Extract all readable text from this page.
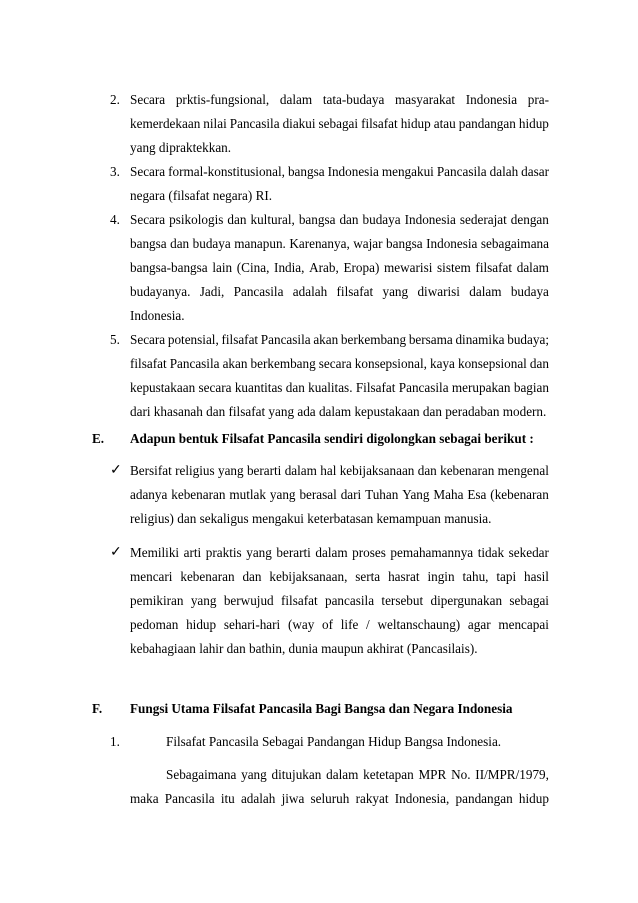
2. Secara prktis-fungsional, dalam tata-budaya masyarakat Indonesia pra-
kemerdekaan nilai Pancasila diakui sebagai filsafat hidup atau pandangan hidup
yang dipraktekkan.
3. Secara formal-konstitusional, bangsa Indonesia mengakui Pancasila dalah dasar
negara (filsafat negara) RI.
4. Secara psikologis dan kultural, bangsa dan budaya Indonesia sederajat dengan
bangsa dan budaya manapun. Karenanya, wajar bangsa Indonesia sebagaimana
bangsa-bangsa lain (Cina, India, Arab, Eropa) mewarisi sistem filsafat dalam
budayanya. Jadi, Pancasila adalah filsafat yang diwarisi dalam budaya
Indonesia.
5. Secara potensial, filsafat Pancasila akan berkembang bersama dinamika budaya;
filsafat Pancasila akan berkembang secara konsepsional, kaya konsepsional dan
kepustakaan secara kuantitas dan kualitas. Filsafat Pancasila merupakan bagian
dari khasanah dan filsafat yang ada dalam kepustakaan dan peradaban modern.
E. Adapun bentuk Filsafat Pancasila sendiri digolongkan sebagai berikut :
✓ Bersifat religius yang berarti dalam hal kebijaksanaan dan kebenaran mengenal
adanya kebenaran mutlak yang berasal dari Tuhan Yang Maha Esa (kebenaran
religius) dan sekaligus mengakui keterbatasan kemampuan manusia.
✓ Memiliki arti praktis yang berarti dalam proses pemahamannya tidak sekedar
mencari kebenaran dan kebijaksanaan, serta hasrat ingin tahu, tapi hasil
pemikiran yang berwujud filsafat pancasila tersebut dipergunakan sebagai
pedoman hidup sehari-hari (way of life / weltanschaung) agar mencapai
kebahagiaan lahir dan bathin, dunia maupun akhirat (Pancasilais).
F. Fungsi Utama Filsafat Pancasila Bagi Bangsa dan Negara Indonesia
1.	Filsafat Pancasila Sebagai Pandangan Hidup Bangsa Indonesia.
Sebagaimana yang ditujukan dalam ketetapan MPR No. II/MPR/1979,
maka Pancasila itu adalah jiwa seluruh rakyat Indonesia, pandangan hidup
